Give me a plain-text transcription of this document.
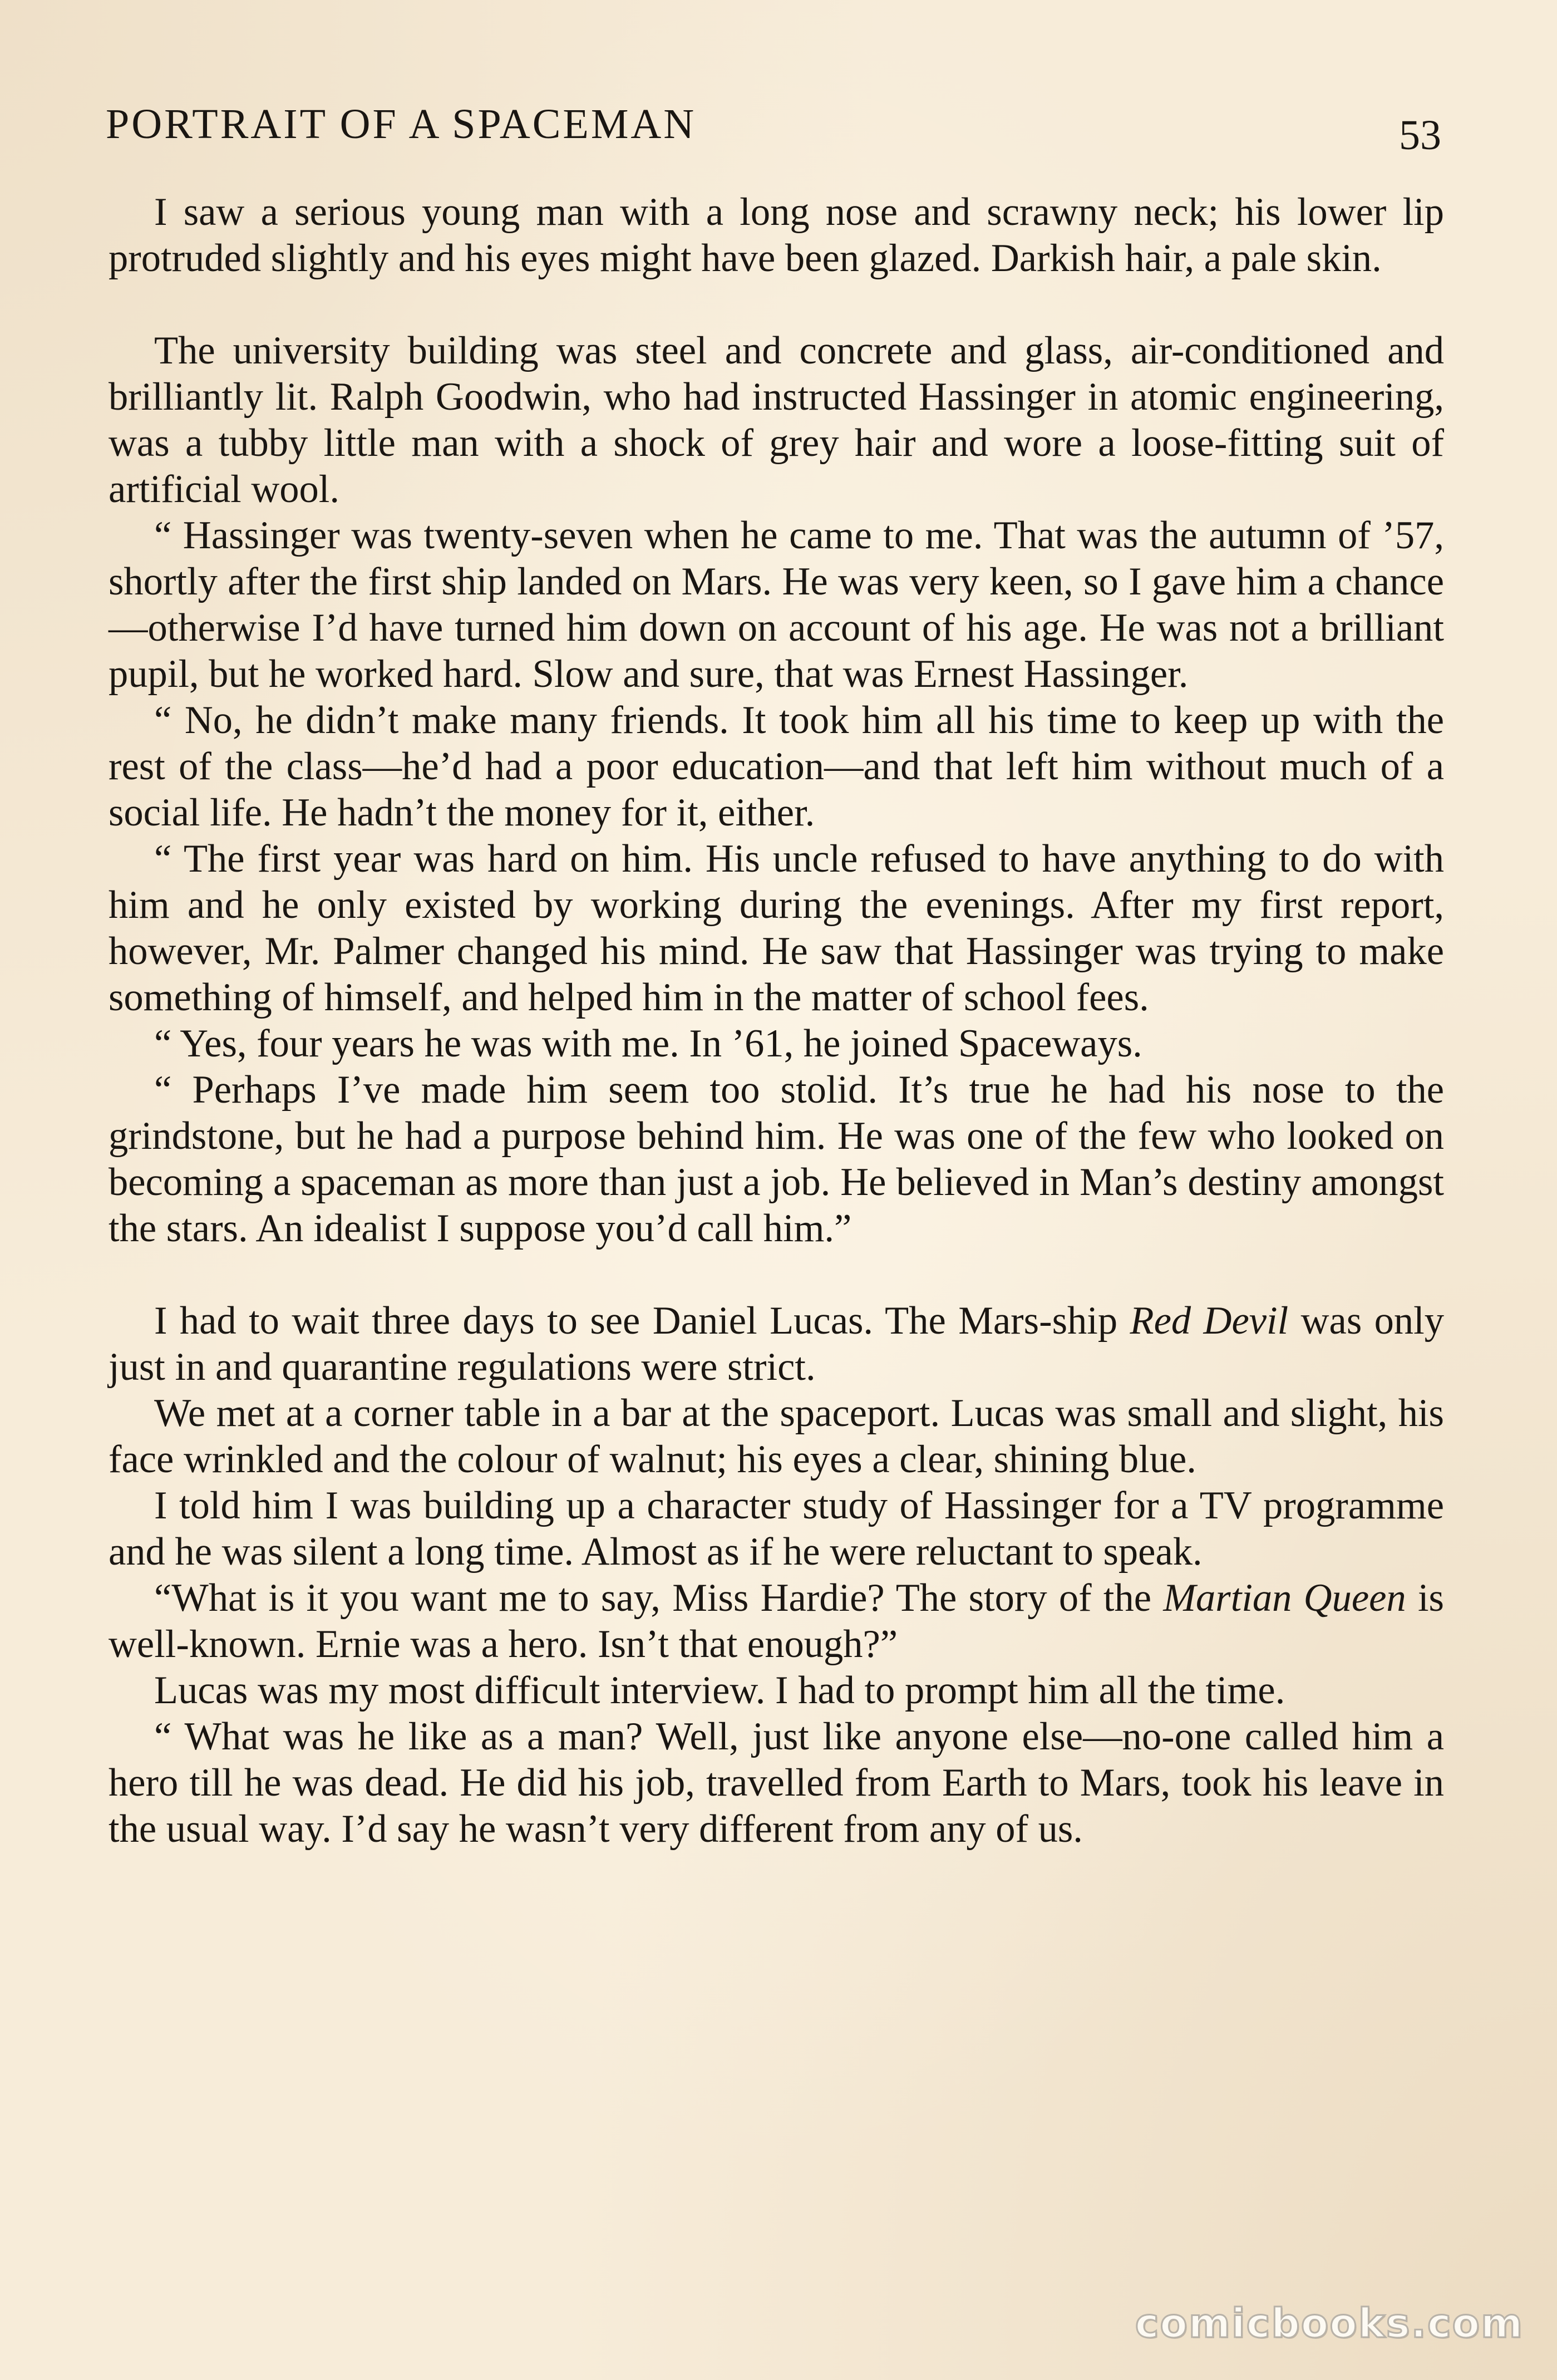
PORTRAIT OF A SPACEMAN	53

I saw a serious young man with a long nose and scrawny neck; his lower lip protruded slightly and his eyes might have been glazed. Darkish hair, a pale skin.

The university building was steel and concrete and glass, air-conditioned and brilliantly lit. Ralph Goodwin, who had instructed Hassinger in atomic engineering, was a tubby little man with a shock of grey hair and wore a loose-fitting suit of artificial wool.

“ Hassinger was twenty-seven when he came to me. That was the autumn of ’57, shortly after the first ship landed on Mars. He was very keen, so I gave him a chance—otherwise I’d have turned him down on account of his age. He was not a brilliant pupil, but he worked hard. Slow and sure, that was Ernest Hassinger.

“ No, he didn’t make many friends. It took him all his time to keep up with the rest of the class—he’d had a poor education—and that left him without much of a social life. He hadn’t the money for it, either.

“ The first year was hard on him. His uncle refused to have anything to do with him and he only existed by working during the evenings. After my first report, however, Mr. Palmer changed his mind. He saw that Hassinger was trying to make something of himself, and helped him in the matter of school fees.

“ Yes, four years he was with me. In ’61, he joined Spaceways.

“ Perhaps I’ve made him seem too stolid. It’s true he had his nose to the grindstone, but he had a purpose behind him. He was one of the few who looked on becoming a spaceman as more than just a job. He believed in Man’s destiny amongst the stars. An idealist I suppose you’d call him.”

I had to wait three days to see Daniel Lucas. The Mars-ship Red Devil was only just in and quarantine regulations were strict.

We met at a corner table in a bar at the spaceport. Lucas was small and slight, his face wrinkled and the colour of walnut; his eyes a clear, shining blue.

I told him I was building up a character study of Hassinger for a TV programme and he was silent a long time. Almost as if he were reluctant to speak.

“What is it you want me to say, Miss Hardie? The story of the Martian Queen is well-known. Ernie was a hero. Isn’t that enough?”

Lucas was my most difficult interview. I had to prompt him all the time.

“ What was he like as a man? Well, just like anyone else—no-one called him a hero till he was dead. He did his job, travelled from Earth to Mars, took his leave in the usual way. I’d say he wasn’t very different from any of us.

comicbooks.com
